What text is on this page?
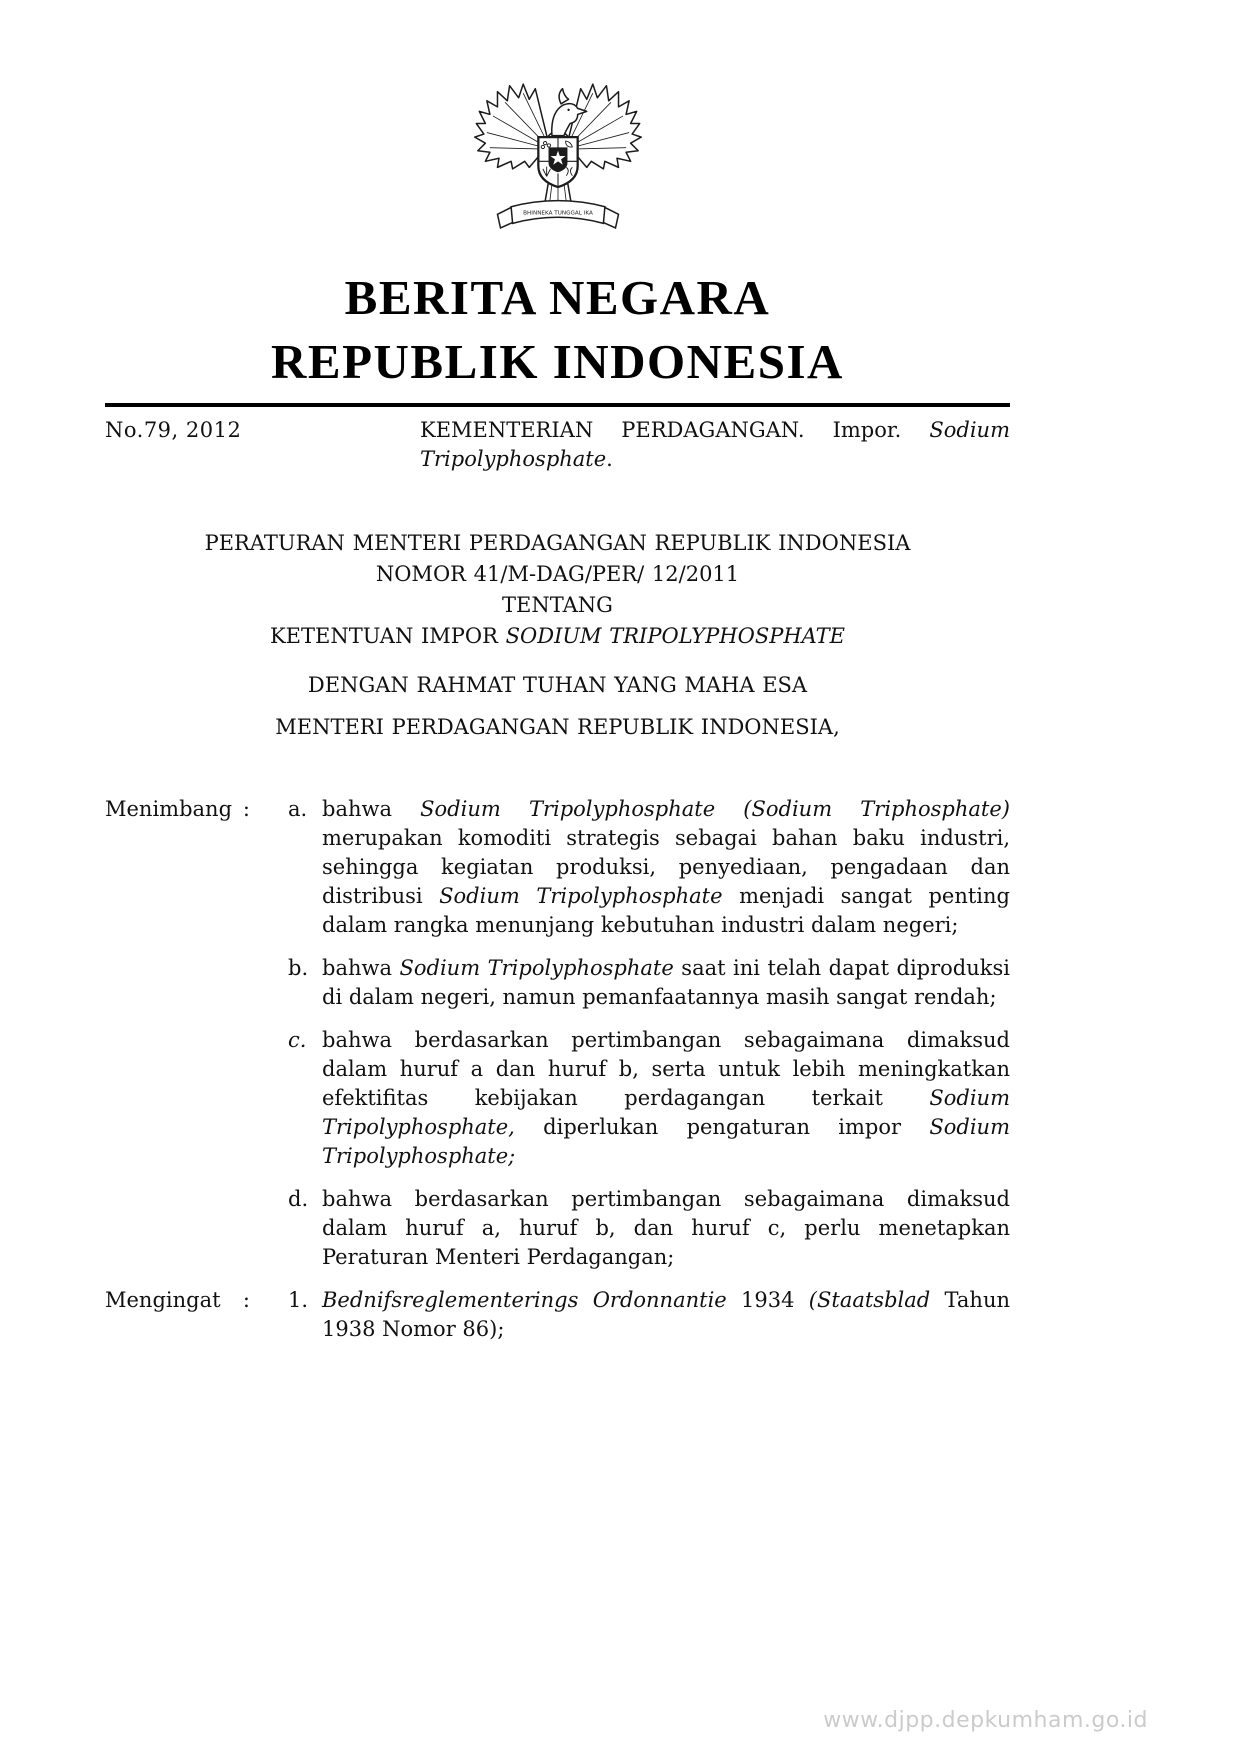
BHINNEKA TUNGGAL IKA
BERITA NEGARA
REPUBLIK INDONESIA
No.79, 2012	KEMENTERIAN PERDAGANGAN. Impor. Sodium Tripolyphosphate.

PERATURAN MENTERI PERDAGANGAN REPUBLIK INDONESIA

NOMOR 41/M-DAG/PER/ 12/2011

TENTANG

KETENTUAN IMPOR SODIUM TRIPOLYPHOSPHATE

DENGAN RAHMAT TUHAN YANG MAHA ESA

MENTERI PERDAGANGAN REPUBLIK INDONESIA,

Menimbang : a. bahwa Sodium Tripolyphosphate (Sodium Triphosphate) merupakan komoditi strategis sebagai bahan baku industri, sehingga kegiatan produksi, penyediaan, pengadaan dan distribusi Sodium Tripolyphosphate menjadi sangat penting dalam rangka menunjang kebutuhan industri dalam negeri;

b. bahwa Sodium Tripolyphosphate saat ini telah dapat diproduksi di dalam negeri, namun pemanfaatannya masih sangat rendah;

c. bahwa berdasarkan pertimbangan sebagaimana dimaksud dalam huruf a dan huruf b, serta untuk lebih meningkatkan efektifitas kebijakan perdagangan terkait Sodium Tripolyphosphate, diperlukan pengaturan impor Sodium Tripolyphosphate;

d. bahwa berdasarkan pertimbangan sebagaimana dimaksud dalam huruf a, huruf b, dan huruf c, perlu menetapkan Peraturan Menteri Perdagangan;

Mengingat : 1. Bednifsreglementerings Ordonnantie 1934 (Staatsblad Tahun 1938 Nomor 86);

www.djpp.depkumham.go.id
